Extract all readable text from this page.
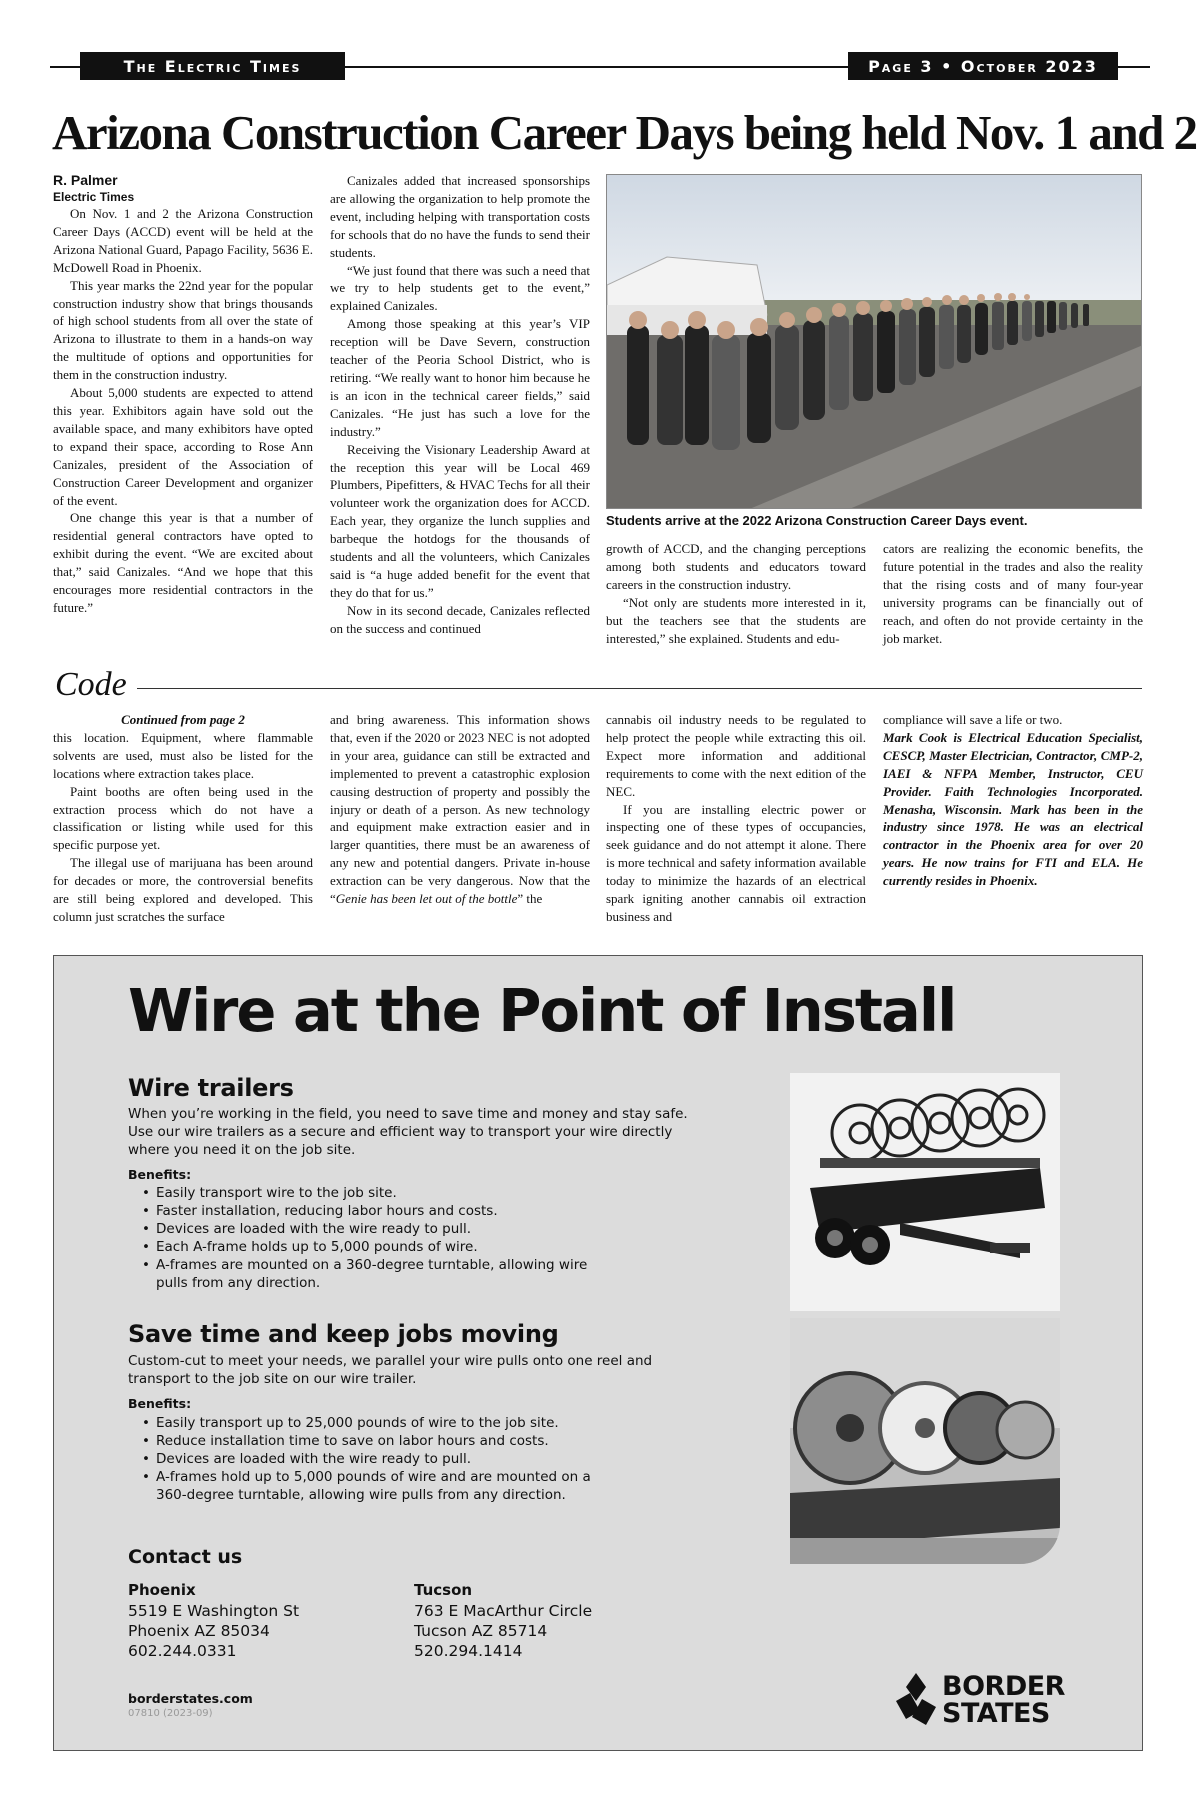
The Electric Times	Page 3 • October 2023
Arizona Construction Career Days being held Nov. 1 and 2
R. Palmer
Electric Times

On Nov. 1 and 2 the Arizona Construction Career Days (ACCD) event will be held at the Arizona National Guard, Papago Facility, 5636 E. McDowell Road in Phoenix.

This year marks the 22nd year for the popular construction industry show that brings thousands of high school students from all over the state of Arizona to illustrate to them in a hands-on way the multitude of options and opportunities for them in the construction industry.

About 5,000 students are expected to attend this year. Exhibitors again have sold out the available space, and many exhibitors have opted to expand their space, according to Rose Ann Canizales, president of the Association of Construction Career Development and organizer of the event.

One change this year is that a number of residential general contractors have opted to exhibit during the event. “We are excited about that,” said Canizales. “And we hope that this encourages more residential contractors in the future.”

Canizales added that increased sponsorships are allowing the organization to help promote the event, including helping with transportation costs for schools that do no have the funds to send their students.

“We just found that there was such a need that we try to help students get to the event,” explained Canizales.

Among those speaking at this year’s VIP reception will be Dave Severn, construction teacher of the Peoria School District, who is retiring. “We really want to honor him because he is an icon in the technical career fields,” said Canizales. “He just has such a love for the industry.”

Receiving the Visionary Leadership Award at the reception this year will be Local 469 Plumbers, Pipefitters, & HVAC Techs for all their volunteer work the organization does for ACCD. Each year, they organize the lunch supplies and barbeque the hotdogs for the thousands of students and all the volunteers, which Canizales said is “a huge added benefit for the event that they do that for us.”

Now in its second decade, Canizales reflected on the success and continued

Students arrive at the 2022 Arizona Construction Career Days event.

growth of ACCD, and the changing perceptions among both students and educators toward careers in the construction industry.

“Not only are students more interested in it, but the teachers see that the students are interested,” she explained. Students and edu-

cators are realizing the economic benefits, the future potential in the trades and also the reality that the rising costs and of many four-year university programs can be financially out of reach, and often do not provide certainty in the job market.

Code

Continued from page 2

this location. Equipment, where flammable solvents are used, must also be listed for the locations where extraction takes place.

Paint booths are often being used in the extraction process which do not have a classification or listing while used for this specific purpose yet.

The illegal use of marijuana has been around for decades or more, the controversial benefits are still being explored and developed. This column just scratches the surface

and bring awareness. This information shows that, even if the 2020 or 2023 NEC is not adopted in your area, guidance can still be extracted and implemented to prevent a catastrophic explosion causing destruction of property and possibly the injury or death of a person. As new technology and equipment make extraction easier and in larger quantities, there must be an awareness of any new and potential dangers. Private in-house extraction can be very dangerous. Now that the “Genie has been let out of the bottle” the

cannabis oil industry needs to be regulated to help protect the people while extracting this oil. Expect more information and additional requirements to come with the next edition of the NEC.

If you are installing electric power or inspecting one of these types of occupancies, seek guidance and do not attempt it alone. There is more technical and safety information available today to minimize the hazards of an electrical spark igniting another cannabis oil extraction business and

compliance will save a life or two.

Mark Cook is Electrical Education Specialist, CESCP, Master Electrician, Contractor, CMP-2, IAEI & NFPA Member, Instructor, CEU Provider. Faith Technologies Incorporated. Menasha, Wisconsin. Mark has been in the industry since 1978. He was an electrical contractor in the Phoenix area for over 20 years. He now trains for FTI and ELA. He currently resides in Phoenix.

Wire at the Point of Install
Wire trailers
When you’re working in the field, you need to save time and money and stay safe. Use our wire trailers as a secure and efficient way to transport your wire directly where you need it on the job site.
Benefits:
• Easily transport wire to the job site.
• Faster installation, reducing labor hours and costs.
• Devices are loaded with the wire ready to pull.
• Each A-frame holds up to 5,000 pounds of wire.
• A-frames are mounted on a 360-degree turntable, allowing wire pulls from any direction.
Save time and keep jobs moving
Custom-cut to meet your needs, we parallel your wire pulls onto one reel and transport to the job site on our wire trailer.
Benefits:
• Easily transport up to 25,000 pounds of wire to the job site.
• Reduce installation time to save on labor hours and costs.
• Devices are loaded with the wire ready to pull.
• A-frames hold up to 5,000 pounds of wire and are mounted on a 360-degree turntable, allowing wire pulls from any direction.
Contact us
Phoenix
5519 E Washington St
Phoenix AZ 85034
602.244.0331
Tucson
763 E MacArthur Circle
Tucson AZ 85714
520.294.1414
borderstates.com
07810 (2023-09)
BORDER
STATES
